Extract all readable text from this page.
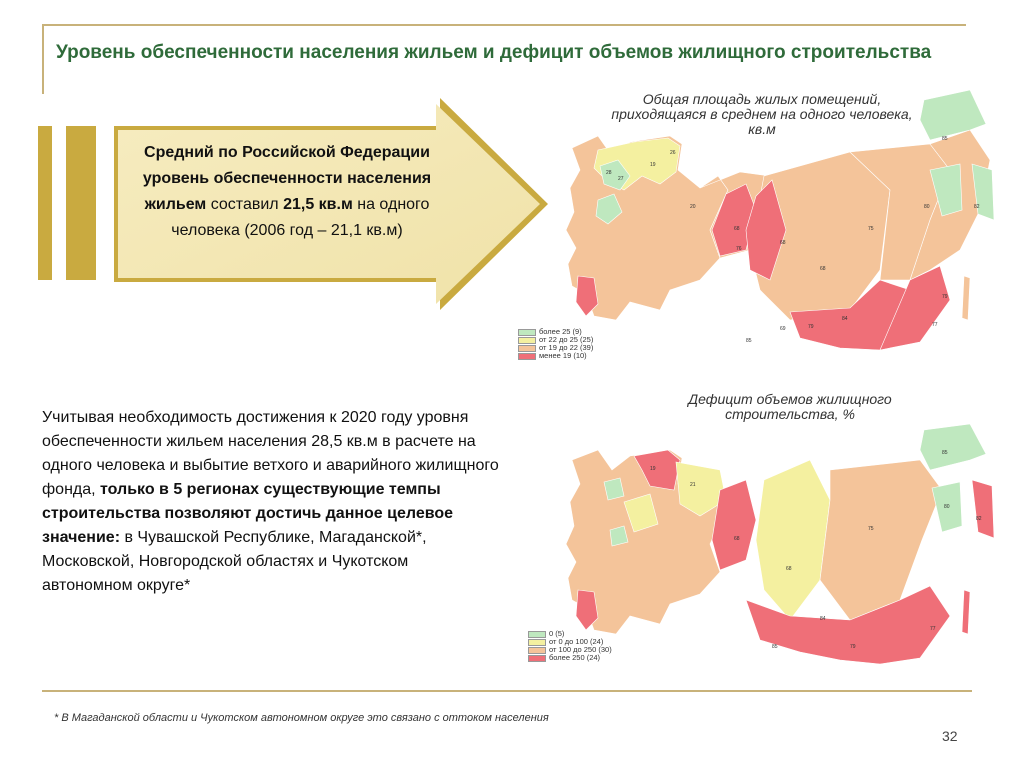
Уровень обеспеченности населения жильем и дефицит объемов жилищного строительства
Средний по Российской Федерации уровень обеспеченности населения жильем составил 21,5 кв.м на одного человека (2006 год – 21,1 кв.м)
Учитывая необходимость достижения к 2020 году уровня обеспеченности жильем населения 28,5 кв.м в расчете на одного человека и выбытие ветхого и аварийного жилищного фонда, только в 5 регионах существующие темпы строительства позволяют достичь данное целевое значение: в Чувашской Республике, Магаданской*, Московской, Новгородской областях и Чукотском автономном округе*
Общая площадь жилых помещений, приходящаяся в среднем на одного человека, кв.м
28
27
19
26
20
68
76
68
68
75
80
85
82
79
77
84
79
69
85
более 25 (9)
от 22 до 25 (25)
от 19 до 22 (39)
менее 19 (10)
Дефицит объемов жилищного строительства, %
19
21
68
68
75
85
80
82
84
79
77
85
0 (5)
от 0 до 100 (24)
от 100 до 250 (30)
более 250 (24)
* В Магаданской области и Чукотском автономном округе это связано с оттоком населения
32
